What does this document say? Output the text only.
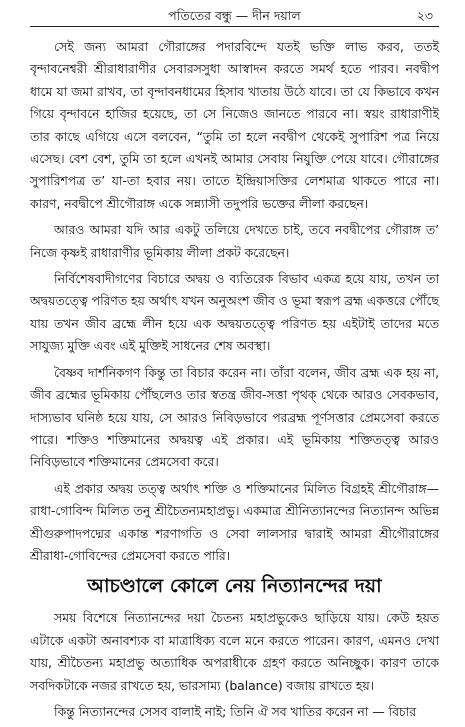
পতিতের বন্ধু — দীন দয়াল	২৩

সেই জন্য আমরা গৌরাঙ্গের পদারবিন্দে যতই ভক্তি লাভ করব, ততই বৃন্দাবনেশ্বরী শ্রীরাধারাণীর সেবারসসুধা আস্বাদন করতে সমর্থ হতে পারব। নবদ্বীপ ধামে যা জমা রাখব, তা বৃন্দাবনধামের হিসাব খাতায় উঠে যাবে। তা যে কিভাবে কখন গিয়ে বৃন্দাবনে হাজির হয়েছে, তা সে নিজেও জানতে পারবে না। স্বয়ং রাধারাণীই তার কাছে এগিয়ে এসে বলবেন, “তুমি তা হলে নবদ্বীপ থেকেই সুপারিশ পত্র নিয়ে এসেছ। বেশ বেশ, তুমি তা হলে এখনই আমার সেবায় নিযুক্তি পেয়ে যাবে। গৌরাঙ্গের সুপারিশপত্র ত’ যা-তা হবার নয়। তাতে ইন্দ্রিয়াসক্তির লেশমাত্র থাকতে পারে না। কারণ, নবদ্বীপে শ্রীগৌরাঙ্গ একে সন্ন্যাসী তদুপরি ভক্তের লীলা করছেন।

আরও আমরা যদি আর একটু তলিয়ে দেখতে চাই, তবে নবদ্বীপের গৌরাঙ্গ ত’ নিজে কৃষ্ণই রাধারাণীর ভূমিকায় লীলা প্রকট করেছেন।

নির্বিশেষবাদীগণের বিচারে অদ্বয় ও ব্যতিরেক বিভাব একত্র হয়ে যায়, তখন তা অদ্বয়তত্ত্বে পরিণত হয় অর্থাৎ যখন অনুঅংশ জীব ও ভূমা স্বরূপ ব্রহ্ম একত্তরে পৌঁছে যায় তখন জীব ব্রহ্মে লীন হয়ে এক অদ্বয়তত্ত্বে পরিণত হয় এইটাই তাদের মতে সাযুজ্য মুক্তি এবং এই মুক্তিই সাধনের শেষ অবস্থা।

বৈষ্ণব দার্শনিকগণ কিন্তু তা বিচার করেন না। তাঁরা বলেন, জীব ব্রহ্ম এক হয় না, জীব ব্রহ্মের ভূমিকায় পৌঁছলেও তার স্বতন্ত্র জীব-সত্তা পৃথক্‌ থেকে আরও সেবকভাব, দাস্যভাব ঘনিষ্ঠ হয়ে যায়, সে আরও নিবিড়ভাবে পরব্রহ্ম পূর্ণসত্তার প্রেমসেবা করতে পারে। শক্তিও শক্তিমানের অদ্বয়ত্ব এই প্রকার। এই ভূমিকায় শক্তিতত্ত্ব আরও নিবিড়ভাবে শক্তিমানের প্রেমসেবা করে।

এই প্রকার অদ্বয় তত্ত্ব অর্থাৎ শক্তি ও শক্তিমানের মিলিত বিগ্রহই শ্রীগৌরাঙ্গ— রাধা-গোবিন্দ মিলিত তনু শ্রীচৈতন্যমহাপ্রভু। একমাত্র শ্রীনিত্যানন্দের নিত্যানন্দ অভিন্ন শ্রীগুরুপাদপদ্মের একান্ত শরণাগতি ও সেবা লালসার দ্বারাই আমরা শ্রীগৌরাঙ্গের শ্রীরাধা-গোবিন্দের প্রেমসেবা করতে পারি।

আচণ্ডালে কোলে নেয় নিত্যানন্দের দয়া

সময় বিশেষে নিত্যানন্দের দয়া চৈতন্য মহাপ্রভুকেও ছাড়িয়ে যায়। কেউ হয়ত এটাকে একটা অনাবশ্যক বা মাত্রাধিক্য বলে মনে করতে পারেন। কারণ, এমনও দেখা যায়, শ্রীচৈতন্য মহাপ্রভু অত্যাধিক অপরাধীকে গ্রহণ করতে অনিচ্ছুক। কারণ তাকে সবদিকটাকে নজর রাখতে হয়, ভারসাম্য (balance) বজায় রাখতে হয়।

কিন্তু নিত্যানন্দের সেসব বালাই নাই; তিনি ঐ সব খাতির করেন না — বিচার
